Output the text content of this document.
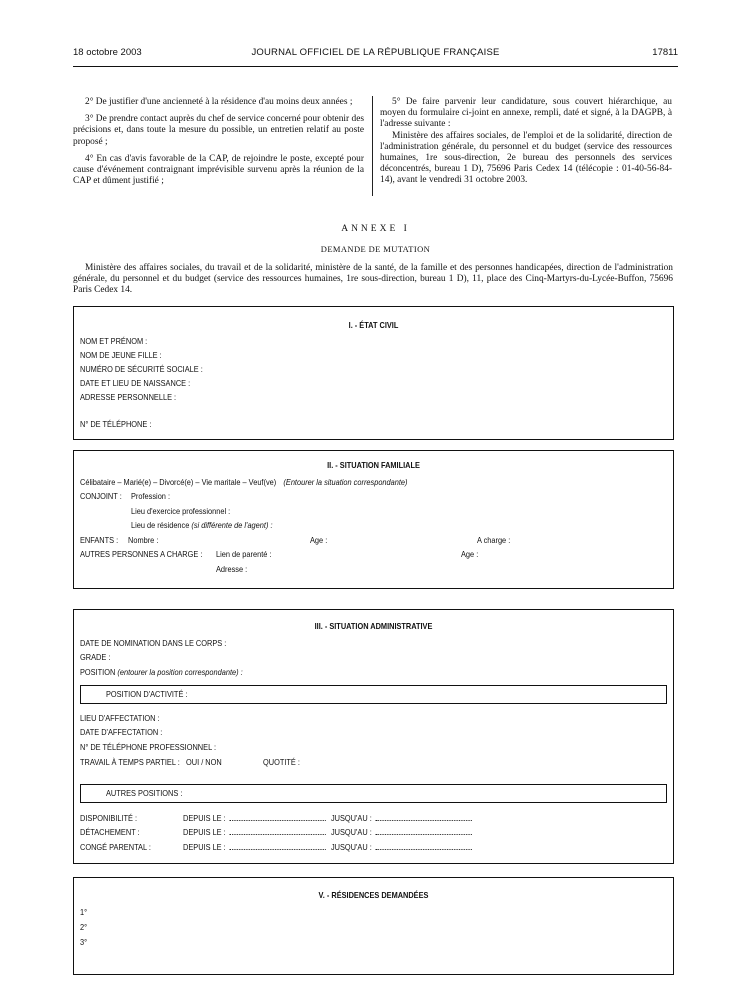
18 octobre 2003	JOURNAL OFFICIEL DE LA RÉPUBLIQUE FRANÇAISE	17811

2° De justifier d'une ancienneté à la résidence d'au moins deux années ;

3° De prendre contact auprès du chef de service concerné pour obtenir des précisions et, dans toute la mesure du possible, un entretien relatif au poste proposé ;

4° En cas d'avis favorable de la CAP, de rejoindre le poste, excepté pour cause d'événement contraignant imprévisible survenu après la réunion de la CAP et dûment justifié ;

5° De faire parvenir leur candidature, sous couvert hiérarchique, au moyen du formulaire ci-joint en annexe, rempli, daté et signé, à la DAGPB, à l'adresse suivante :

Ministère des affaires sociales, de l'emploi et de la solidarité, direction de l'administration générale, du personnel et du budget (service des ressources humaines, 1re sous-direction, 2e bureau des personnels des services déconcentrés, bureau 1 D), 75696 Paris Cedex 14 (télécopie : 01-40-56-84-14), avant le vendredi 31 octobre 2003.

ANNEXE I
DEMANDE DE MUTATION
Ministère des affaires sociales, du travail et de la solidarité, ministère de la santé, de la famille et des personnes handicapées, direction de l'administration générale, du personnel et du budget (service des ressources humaines, 1re sous-direction, bureau 1 D), 11, place des Cinq-Martyrs-du-Lycée-Buffon, 75696 Paris Cedex 14.
I. - ÉTAT CIVIL
NOM ET PRÉNOM :
NOM DE JEUNE FILLE :
NUMÉRO DE SÉCURITÉ SOCIALE :
DATE ET LIEU DE NAISSANCE :
ADRESSE PERSONNELLE :
N° DE TÉLÉPHONE :
II. - SITUATION FAMILIALE
Célibataire – Marié(e) – Divorcé(e) – Vie maritale – Veuf(ve) (Entourer la situation correspondante)
CONJOINT : Profession :
Lieu d'exercice professionnel :
Lieu de résidence (si différente de l'agent) :
ENFANTS : Nombre :	Age :	A charge :
AUTRES PERSONNES A CHARGE : Lien de parenté :	Age :
Adresse :
III. - SITUATION ADMINISTRATIVE
DATE DE NOMINATION DANS LE CORPS :
GRADE :
POSITION (entourer la position correspondante) :
POSITION D'ACTIVITÉ :
LIEU D'AFFECTATION :
DATE D'AFFECTATION :
N° DE TÉLÉPHONE PROFESSIONNEL :
TRAVAIL À TEMPS PARTIEL : OUI / NON	QUOTITÉ :
AUTRES POSITIONS :
DISPONIBILITÉ :	DEPUIS LE :	JUSQU'AU :
DÉTACHEMENT :	DEPUIS LE :	JUSQU'AU :
CONGÉ PARENTAL :	DEPUIS LE :	JUSQU'AU :
V. - RÉSIDENCES DEMANDÉES
1°
2°
3°
